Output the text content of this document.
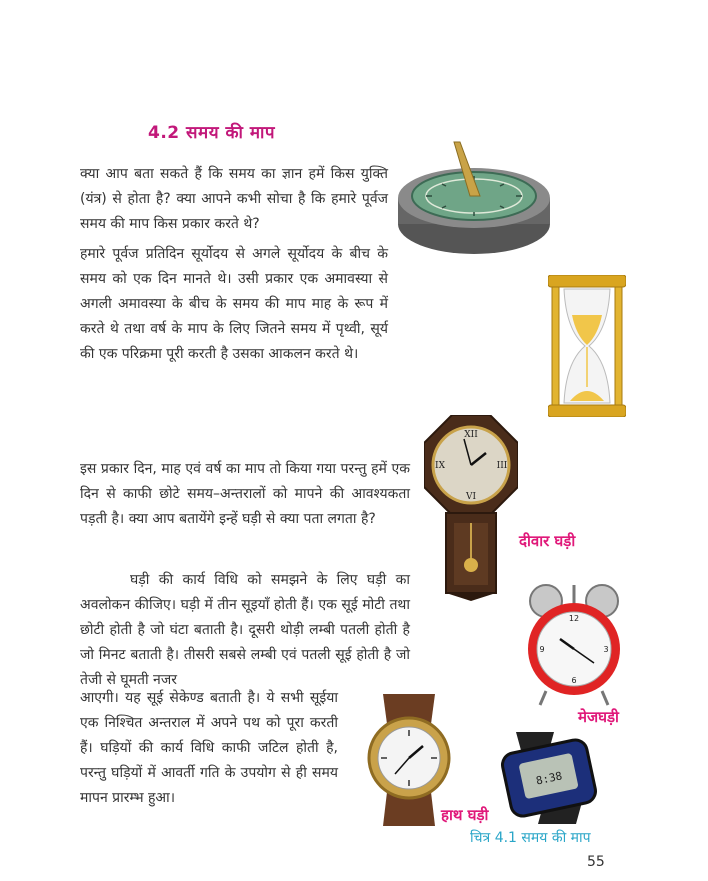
4.2 समय की माप

क्या आप बता सकते हैं कि समय का ज्ञान हमें किस युक्ति (यंत्र) से होता है? क्या आपने कभी सोचा है कि हमारे पूर्वज समय की माप किस प्रकार करते थे?

हमारे पूर्वज प्रतिदिन सूर्योदय से अगले सूर्योदय के बीच के समय को एक दिन मानते थे। उसी प्रकार एक अमावस्या से अगली अमावस्या के बीच के समय की माप माह के रूप में करते थे तथा वर्ष के माप के लिए जितने समय में पृथ्वी, सूर्य की एक परिक्रमा पूरी करती है उसका आकलन करते थे।

इस प्रकार दिन, माह एवं वर्ष का माप तो किया गया परन्तु हमें एक दिन से काफी छोटे समय–अन्तरालों को मापने की आवश्यकता पड़ती है। क्या आप बतायेंगे इन्हें घड़ी से क्या पता लगता है?

घड़ी की कार्य विधि को समझने के लिए घड़ी का अवलोकन कीजिए। घड़ी में तीन सूइयाँ होती हैं। एक सूई मोटी तथा छोटी होती है जो घंटा बताती है। दूसरी थोड़ी लम्बी पतली होती है जो मिनट बताती है। तीसरी सबसे लम्बी एवं पतली सूई होती है जो तेजी से घूमती नजर

आएगी। यह सूई सेकेण्ड बताती है। ये सभी सूईया एक निश्चित अन्तराल में अपने पथ को पूरा करती हैं। घड़ियों की कार्य विधि काफी जटिल होती है, परन्तु घड़ियों में आवर्ती गति के उपयोग से ही समय मापन प्रारम्भ हुआ।

XII
VI
III
IX
दीवार घड़ी
12
6
3
9
मेजघड़ी
8:38
हाथ घड़ी
चित्र 4.1 समय की माप
55
